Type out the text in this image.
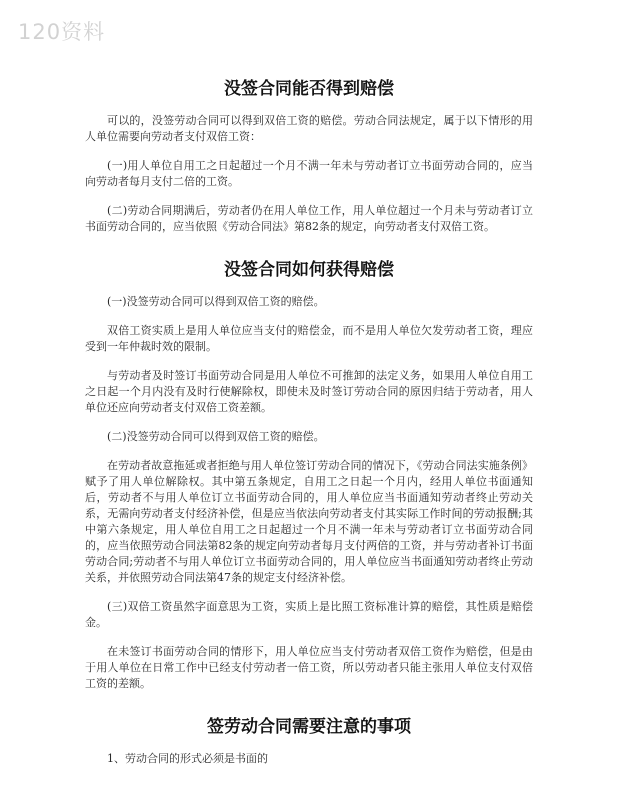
120资料
没签合同能否得到赔偿

可以的，没签劳动合同可以得到双倍工资的赔偿。劳动合同法规定，属于以下情形的用人单位需要向劳动者支付双倍工资：

(一)用人单位自用工之日起超过一个月不满一年未与劳动者订立书面劳动合同的，应当向劳动者每月支付二倍的工资。

(二)劳动合同期满后，劳动者仍在用人单位工作，用人单位超过一个月未与劳动者订立书面劳动合同的，应当依照《劳动合同法》第82条的规定，向劳动者支付双倍工资。

没签合同如何获得赔偿

(一)没签劳动合同可以得到双倍工资的赔偿。

双倍工资实质上是用人单位应当支付的赔偿金，而不是用人单位欠发劳动者工资，理应受到一年仲裁时效的限制。

与劳动者及时签订书面劳动合同是用人单位不可推卸的法定义务，如果用人单位自用工之日起一个月内没有及时行使解除权，即使未及时签订劳动合同的原因归结于劳动者，用人单位还应向劳动者支付双倍工资差额。

(二)没签劳动合同可以得到双倍工资的赔偿。

在劳动者故意拖延或者拒绝与用人单位签订劳动合同的情况下，《劳动合同法实施条例》赋予了用人单位解除权。其中第五条规定，自用工之日起一个月内，经用人单位书面通知后，劳动者不与用人单位订立书面劳动合同的，用人单位应当书面通知劳动者终止劳动关系，无需向劳动者支付经济补偿，但是应当依法向劳动者支付其实际工作时间的劳动报酬;其中第六条规定，用人单位自用工之日起超过一个月不满一年未与劳动者订立书面劳动合同的，应当依照劳动合同法第82条的规定向劳动者每月支付两倍的工资，并与劳动者补订书面劳动合同;劳动者不与用人单位订立书面劳动合同的，用人单位应当书面通知劳动者终止劳动关系，并依照劳动合同法第47条的规定支付经济补偿。

(三)双倍工资虽然字面意思为工资，实质上是比照工资标准计算的赔偿，其性质是赔偿金。

在未签订书面劳动合同的情形下，用人单位应当支付劳动者双倍工资作为赔偿，但是由于用人单位在日常工作中已经支付劳动者一倍工资，所以劳动者只能主张用人单位支付双倍工资的差额。

签劳动合同需要注意的事项

1、劳动合同的形式必须是书面的
